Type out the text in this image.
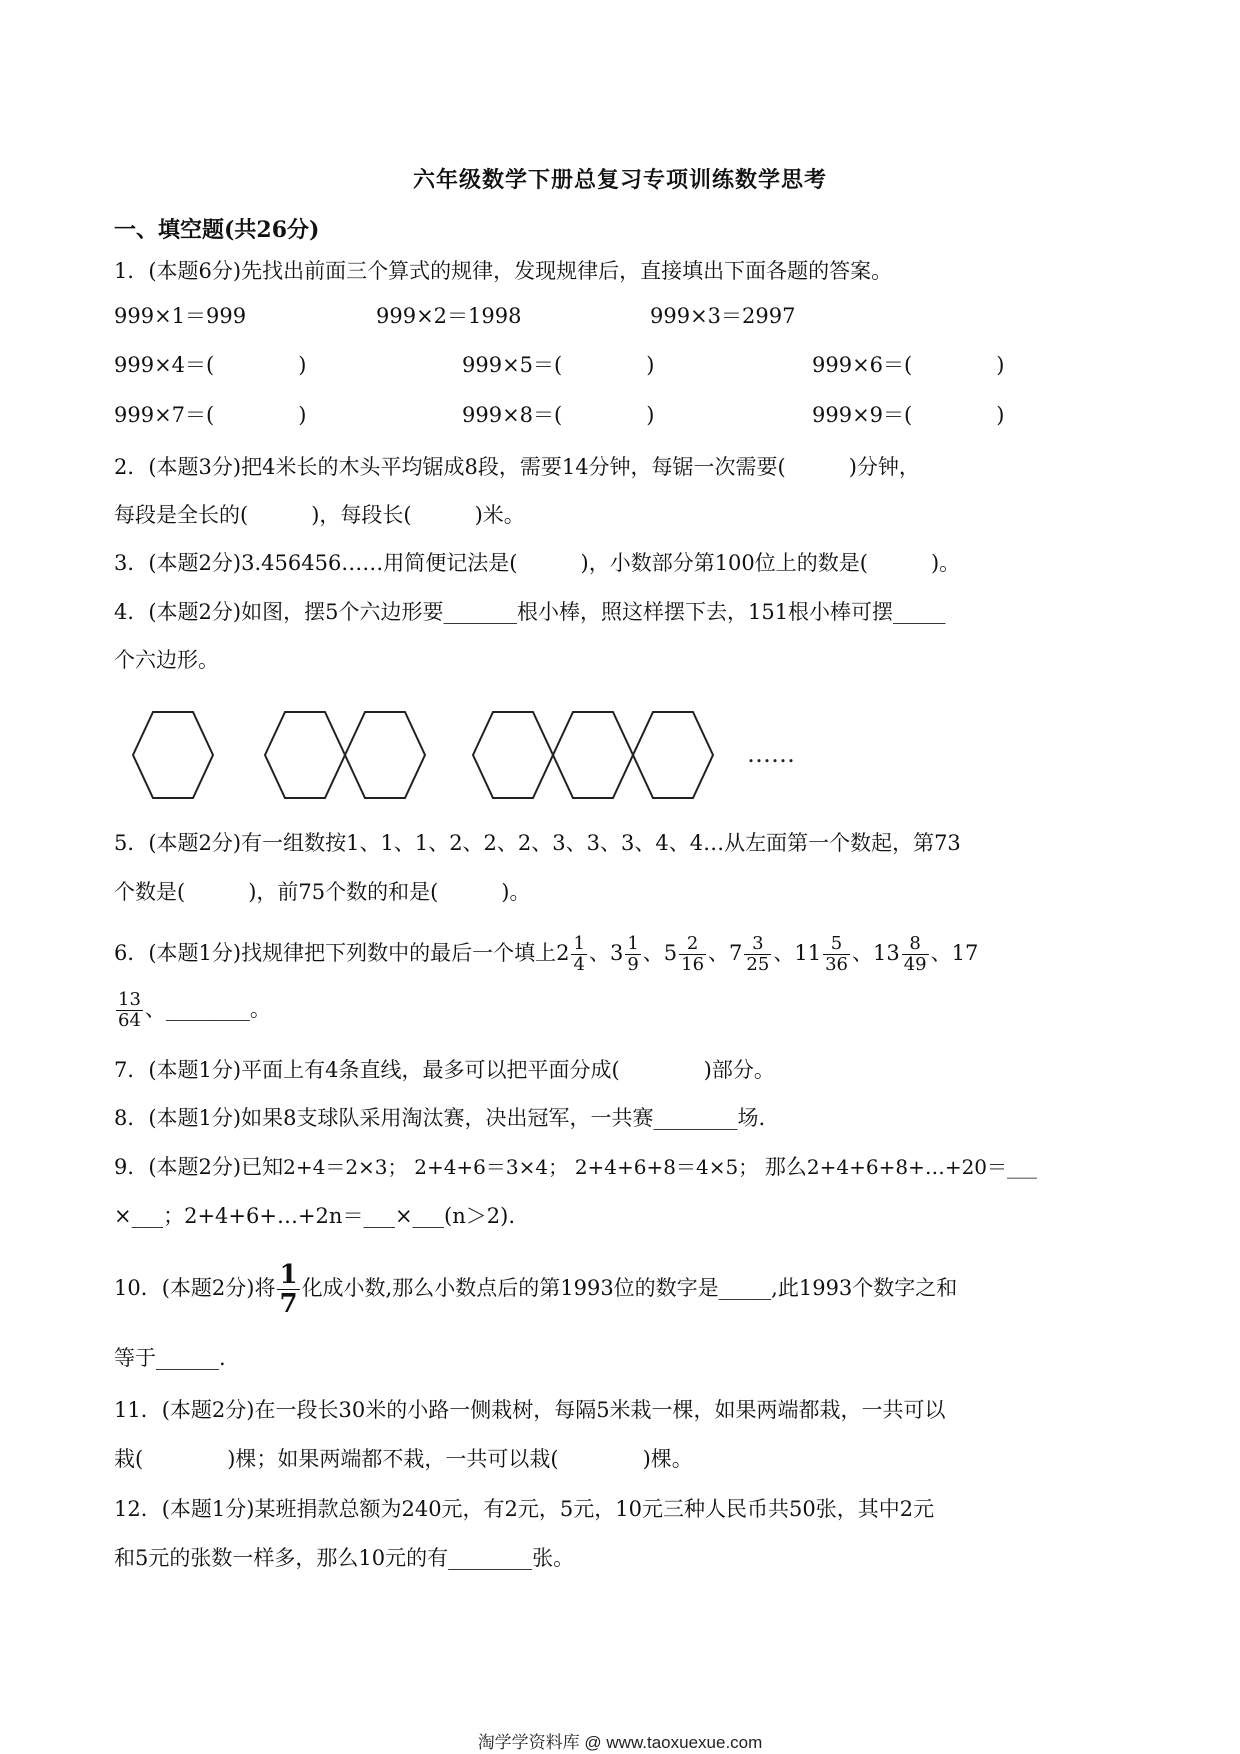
六年级数学下册总复习专项训练数学思考
一、填空题(共26分)
1．(本题6分)先找出前面三个算式的规律，发现规律后，直接填出下面各题的答案。
999×1＝999	999×2＝1998	999×3＝2997
999×4＝(　　　　)	999×5＝(　　　　)	999×6＝(　　　　)
999×7＝(　　　　)	999×8＝(　　　　)	999×9＝(　　　　)
2．(本题3分)把4米长的木头平均锯成8段，需要14分钟，每锯一次需要(　　　)分钟，
每段是全长的(　　　)，每段长(　　　)米。
3．(本题2分)3.456456……用简便记法是(　　　)，小数部分第100位上的数是(　　　)。
4．(本题2分)如图，摆5个六边形要_______根小棒，照这样摆下去，151根小棒可摆_____
个六边形。
……
5．(本题2分)有一组数按1、1、1、2、2、2、3、3、3、4、4…从左面第一个数起，第73
个数是(　　　)，前75个数的和是(　　　)。
6．(本题1分)找规律把下列数中的最后一个填上$2 \frac{1}{4}$ 、$3 \frac{1}{9}$ 、$5 \frac{2}{16}$ 、$7 \frac{3}{25}$ 、$11 \frac{5}{36}$ 、$13 \frac{8}{49}$ 、17
$\frac{13}{64}$ 、________。
7．(本题1分)平面上有4条直线，最多可以把平面分成(　　　　)部分。
8．(本题1分)如果8支球队采用淘汰赛，决出冠军，一共赛________场.
9．(本题2分)已知2+4＝2×3； 2+4+6＝3×4； 2+4+6+8＝4×5； 那么2+4+6+8+…+20＝___
×___；2+4+6+…+2n＝___×___(n＞2).
10．(本题2分)将 $\frac{1}{7}$ 化成小数,那么小数点后的第1993位的数字是_____,此1993个数字之和
等于______.
11．(本题2分)在一段长30米的小路一侧栽树，每隔5米栽一棵，如果两端都栽，一共可以
栽(　　　　)棵；如果两端都不栽，一共可以栽(　　　　)棵。
12．(本题1分)某班捐款总额为240元，有2元，5元，10元三种人民币共50张，其中2元
和5元的张数一样多，那么10元的有________张。
淘学学资料库 @ www.taoxuexue.com
